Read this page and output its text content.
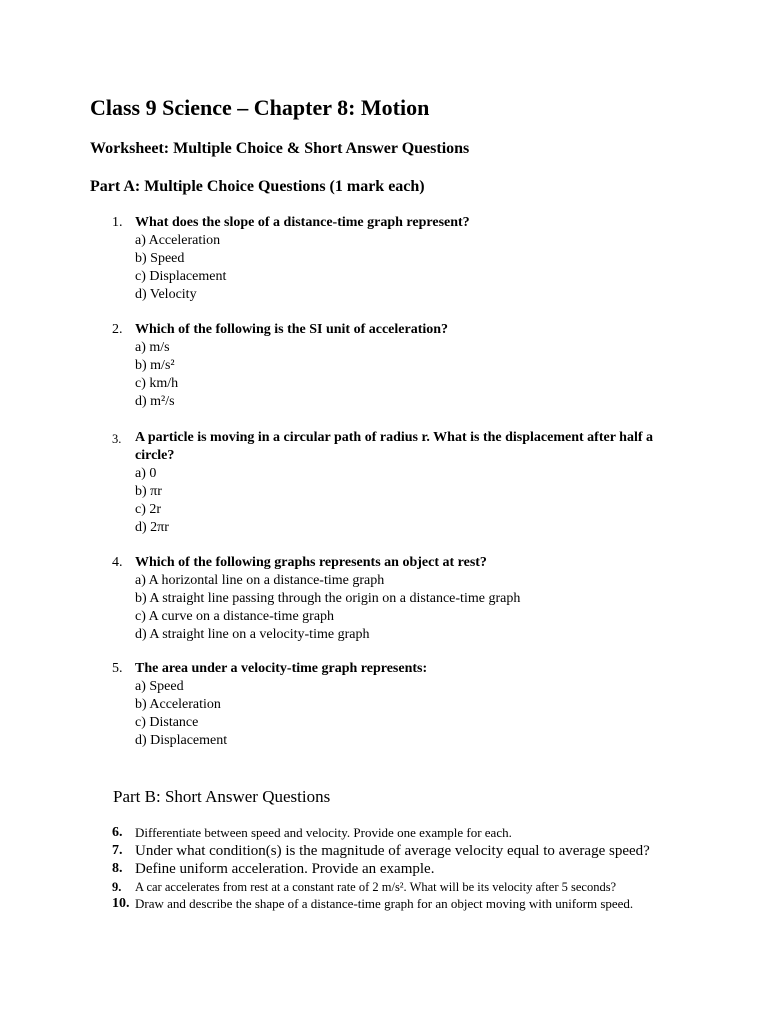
Class 9 Science – Chapter 8: Motion
Worksheet: Multiple Choice & Short Answer Questions
Part A: Multiple Choice Questions (1 mark each)
1. What does the slope of a distance-time graph represent?
a) Acceleration
b) Speed
c) Displacement
d) Velocity
2. Which of the following is the SI unit of acceleration?
a) m/s
b) m/s²
c) km/h
d) m²/s
3. A particle is moving in a circular path of radius r. What is the displacement after half a circle?
a) 0
b) πr
c) 2r
d) 2πr
4. Which of the following graphs represents an object at rest?
a) A horizontal line on a distance-time graph
b) A straight line passing through the origin on a distance-time graph
c) A curve on a distance-time graph
d) A straight line on a velocity-time graph
5. The area under a velocity-time graph represents:
a) Speed
b) Acceleration
c) Distance
d) Displacement
Part B: Short Answer Questions
6. Differentiate between speed and velocity. Provide one example for each.
7. Under what condition(s) is the magnitude of average velocity equal to average speed?
8. Define uniform acceleration. Provide an example.
9. A car accelerates from rest at a constant rate of 2 m/s². What will be its velocity after 5 seconds?
10. Draw and describe the shape of a distance-time graph for an object moving with uniform speed.
